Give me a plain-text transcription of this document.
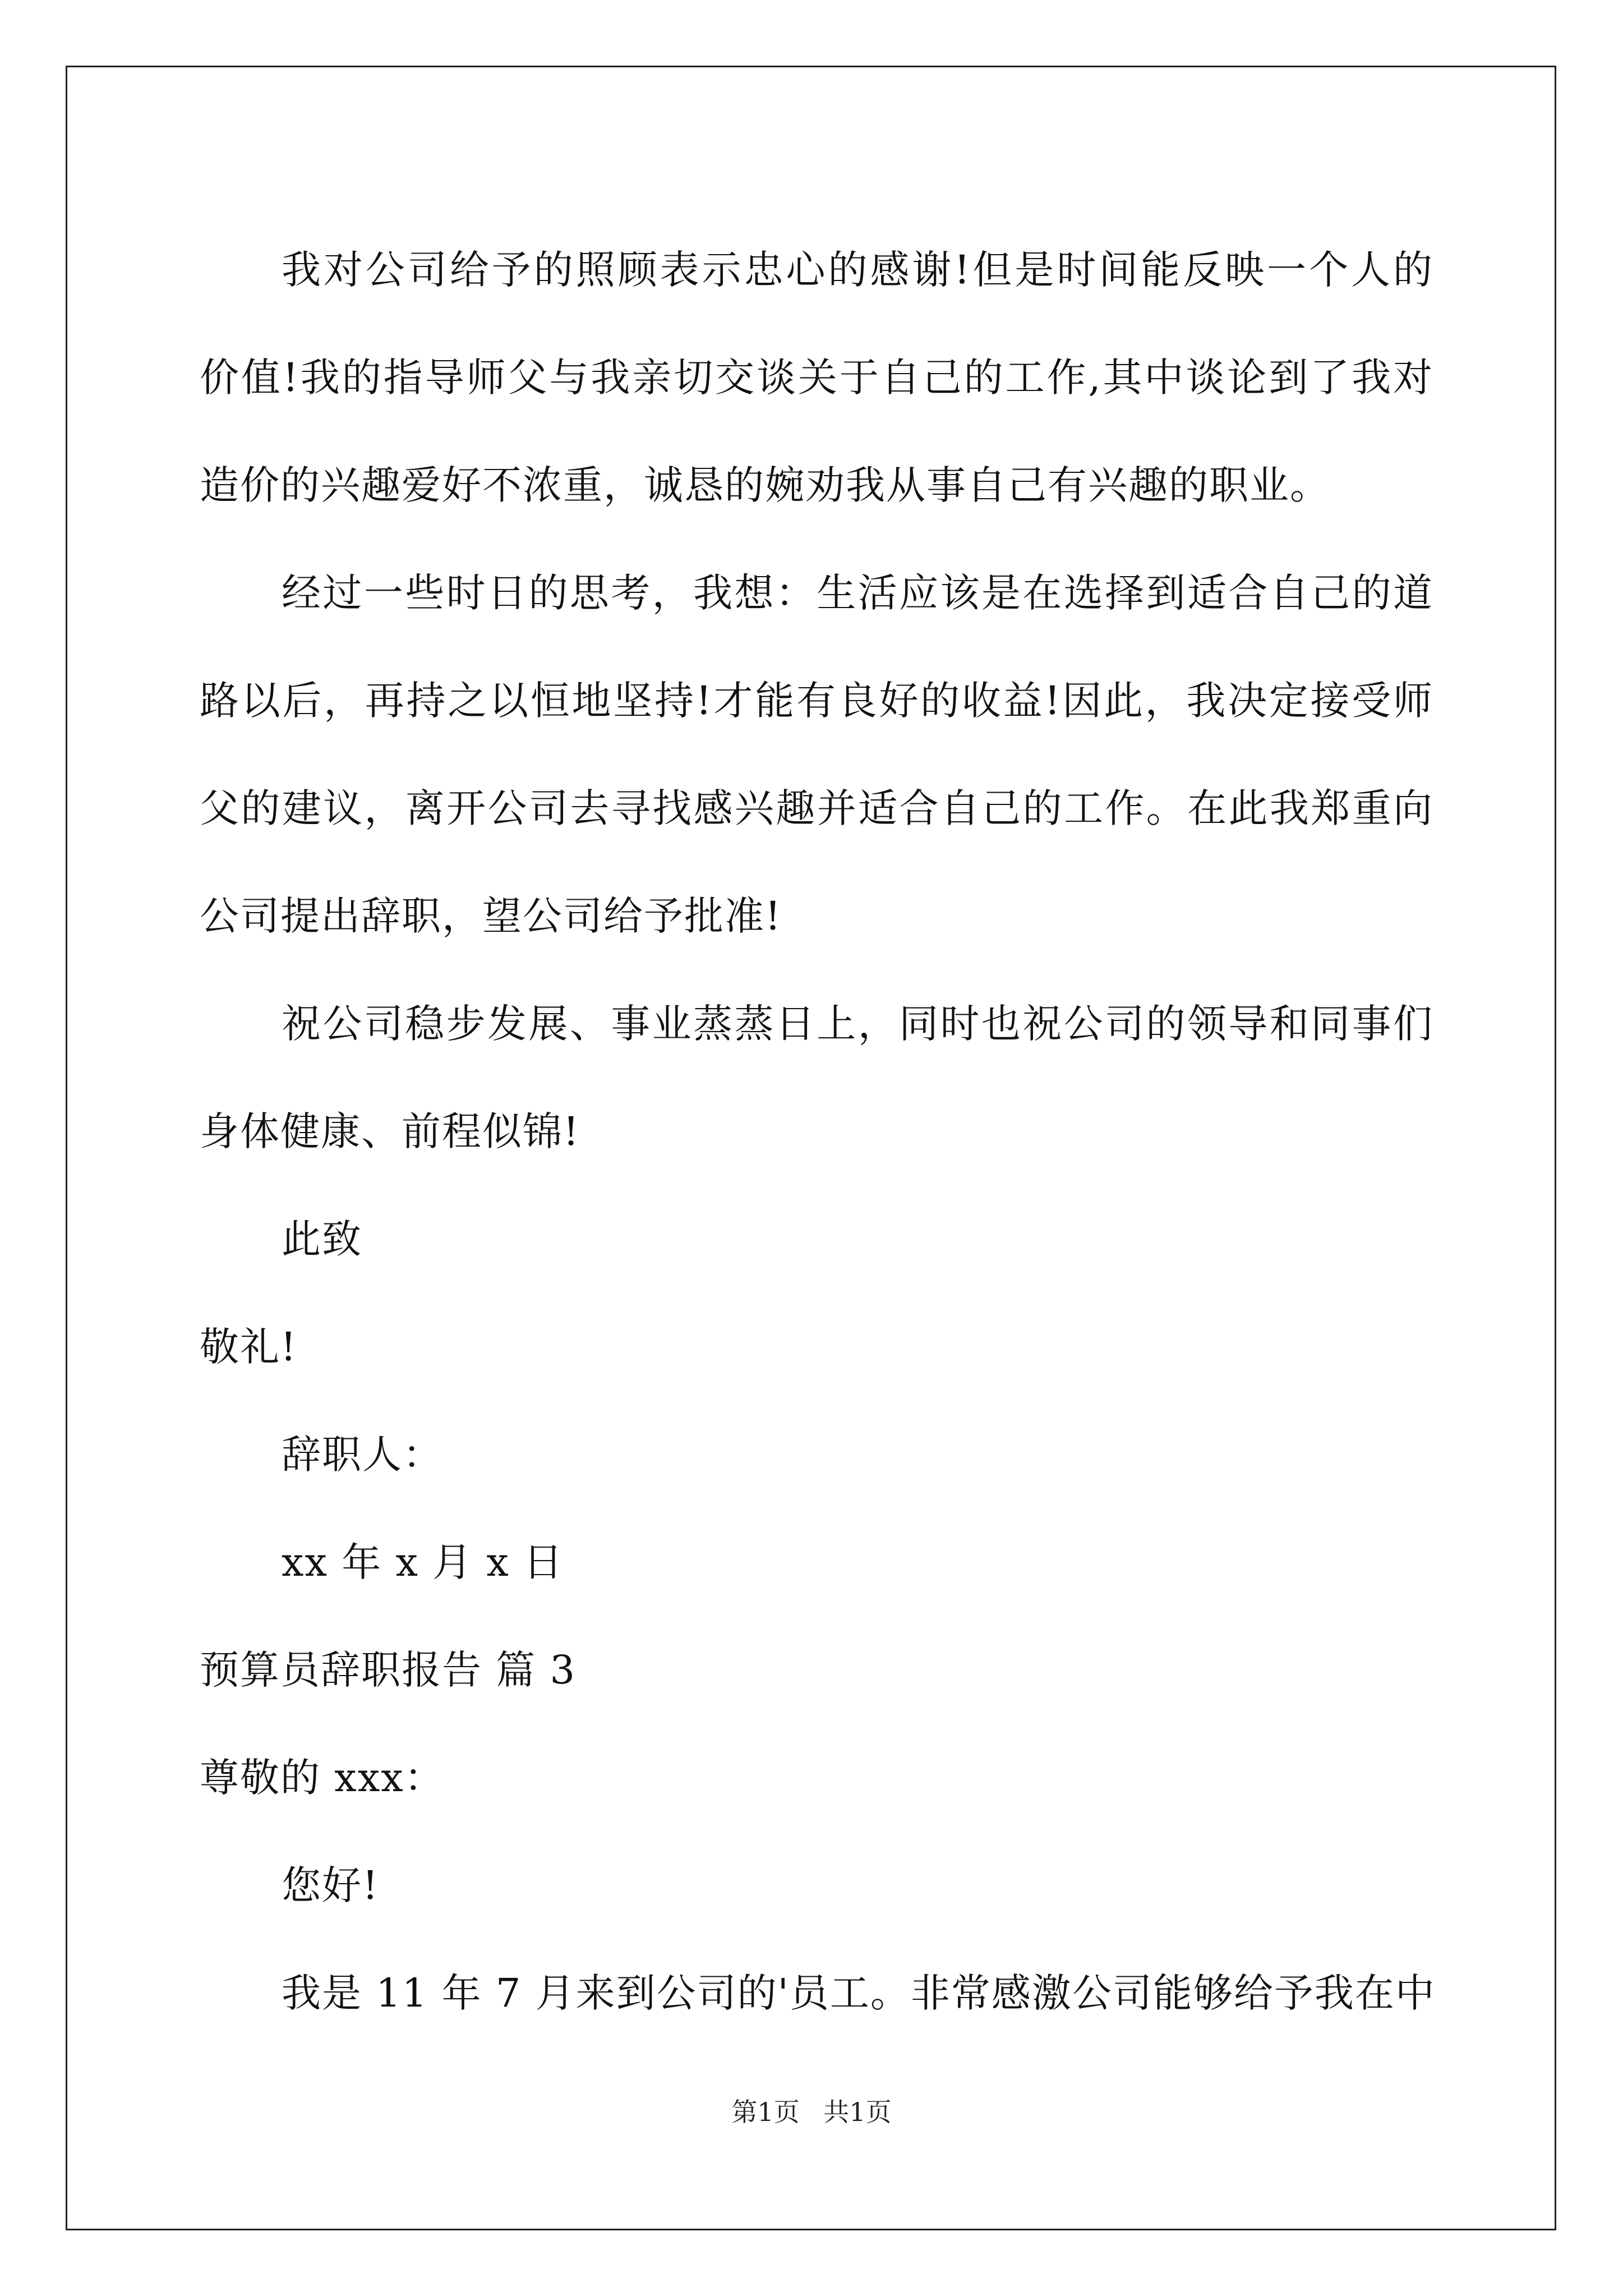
我对公司给予的照顾表示忠心的感谢!但是时间能反映一个人的
价值!我的指导师父与我亲切交谈关于自己的工作,其中谈论到了我对
造价的兴趣爱好不浓重，诚恳的婉劝我从事自己有兴趣的职业。
经过一些时日的思考，我想：生活应该是在选择到适合自己的道
路以后，再持之以恒地坚持!才能有良好的收益!因此，我决定接受师
父的建议，离开公司去寻找感兴趣并适合自己的工作。在此我郑重向
公司提出辞职，望公司给予批准!
祝公司稳步发展、事业蒸蒸日上，同时也祝公司的领导和同事们
身体健康、前程似锦!
此致
敬礼!
辞职人：
xx 年 x 月 x 日
预算员辞职报告 篇 3
尊敬的 xxx：
您好!
我是 11 年 7 月来到公司的'员工。非常感激公司能够给予我在中
第1页 共1页
